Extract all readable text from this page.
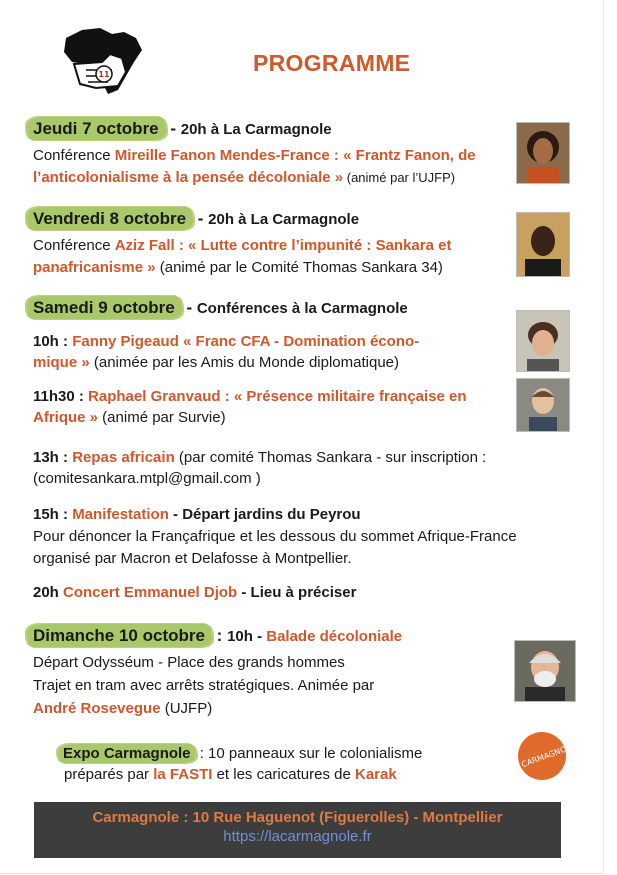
11	PROGRAMME
Jeudi 7 octobre - 20h à La Carmagnole
Conférence Mireille Fanon Mendes-France : « Frantz Fanon, de
l’anticolonialisme à la pensée décoloniale » (animé par l’UJFP)
Vendredi 8 octobre - 20h à La Carmagnole
Conférence Aziz Fall : « Lutte contre l’impunité : Sankara et
panafricanisme » (animé par le Comité Thomas Sankara 34)
Samedi 9 octobre - Conférences à la Carmagnole
10h : Fanny Pigeaud « Franc CFA - Domination écono-
mique » (animée par les Amis du Monde diplomatique)
11h30 : Raphael Granvaud : « Présence militaire française en
Afrique » (animé par Survie)
13h : Repas africain (par comité Thomas Sankara - sur inscription :
(comitesankara.mtpl@gmail.com )
15h : Manifestation - Départ jardins du Peyrou
Pour dénoncer la Françafrique et les dessous du sommet Afrique-France
organisé par Macron et Delafosse à Montpellier.
20h Concert Emmanuel Djob - Lieu à préciser
Dimanche 10 octobre : 10h - Balade décoloniale
Départ Odysséum - Place des grands hommes
Trajet en tram avec arrêts stratégiques. Animée par
André Rosevegue (UJFP)
Expo Carmagnole : 10 panneaux sur le colonialisme
préparés par la FASTI et les caricatures de Karak
LA CARMAGNOLE
Carmagnole : 10 Rue Haguenot (Figuerolles) - Montpellier
https://lacarmagnole.fr
